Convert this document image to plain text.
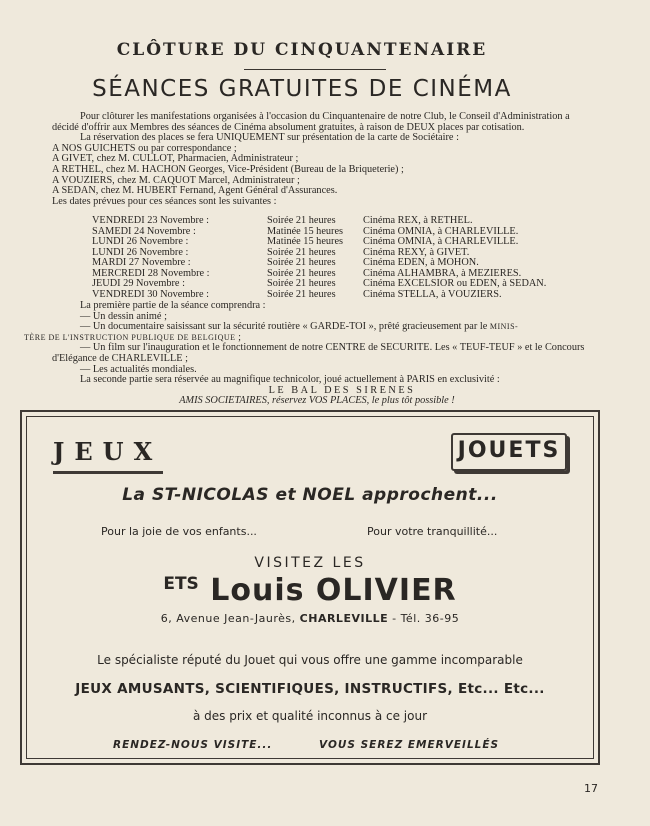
CLÔTURE DU CINQUANTENAIRE
SÉANCES GRATUITES DE CINÉMA

Pour clôturer les manifestations organisées à l'occasion du Cinquantenaire de notre Club, le Conseil d'Administration a décidé d'offrir aux Membres des séances de Cinéma absolument gratuites, à raison de DEUX places par cotisation.

La réservation des places se fera UNIQUEMENT sur présentation de la carte de Sociétaire :

A NOS GUICHETS ou par correspondance ;

A GIVET, chez M. CULLOT, Pharmacien, Administrateur ;

A RETHEL, chez M. HACHON Georges, Vice-Président (Bureau de la Briqueterie) ;

A VOUZIERS, chez M. CAQUOT Marcel, Administrateur ;

A SEDAN, chez M. HUBERT Fernand, Agent Général d'Assurances.

Les dates prévues pour ces séances sont les suivantes :

VENDREDI 23 Novembre :	Soirée 21 heures	Cinéma REX, à RETHEL.
SAMEDI 24 Novembre :	Matinée 15 heures	Cinéma OMNIA, à CHARLEVILLE.
LUNDI 26 Novembre :	Matinée 15 heures	Cinéma OMNIA, à CHARLEVILLE.
LUNDI 26 Novembre :	Soirée 21 heures	Cinéma REXY, à GIVET.
MARDI 27 Novembre :	Soirée 21 heures	Cinéma EDEN, à MOHON.
MERCREDI 28 Novembre :	Soirée 21 heures	Cinéma ALHAMBRA, à MEZIERES.
JEUDI 29 Novembre :	Soirée 21 heures	Cinéma EXCELSIOR ou EDEN, à SEDAN.
VENDREDI 30 Novembre :	Soirée 21 heures	Cinéma STELLA, à VOUZIERS.

La première partie de la séance comprendra :

— Un dessin animé ;

— Un documentaire saisissant sur la sécurité routière « GARDE-TOI », prêté gracieusement par le MINIS-

TÈRE DE L'INSTRUCTION PUBLIQUE DE BELGIQUE ;

— Un film sur l'inauguration et le fonctionnement de notre CENTRE de SECURITE. Les « TEUF-TEUF » et le Concours d'Elégance de CHARLEVILLE ;

— Les actualités mondiales.

La seconde partie sera réservée au magnifique technicolor, joué actuellement à PARIS en exclusivité :

LE BAL DES SIRENES

AMIS SOCIETAIRES, réservez VOS PLACES, le plus tôt possible !

JEUX	JOUETS
La ST-NICOLAS et NOEL approchent...
Pour la joie de vos enfants...	Pour votre tranquillité...
VISITEZ LES
$^{ETS}$ Louis OLIVIER
6, Avenue Jean-Jaurès, CHARLEVILLE - Tél. 36-95
Le spécialiste réputé du Jouet qui vous offre une gamme incomparable
JEUX AMUSANTS, SCIENTIFIQUES, INSTRUCTIFS, Etc... Etc...
à des prix et qualité inconnus à ce jour
RENDEZ-NOUS VISITE...	VOUS SEREZ EMERVEILLÉS
17
